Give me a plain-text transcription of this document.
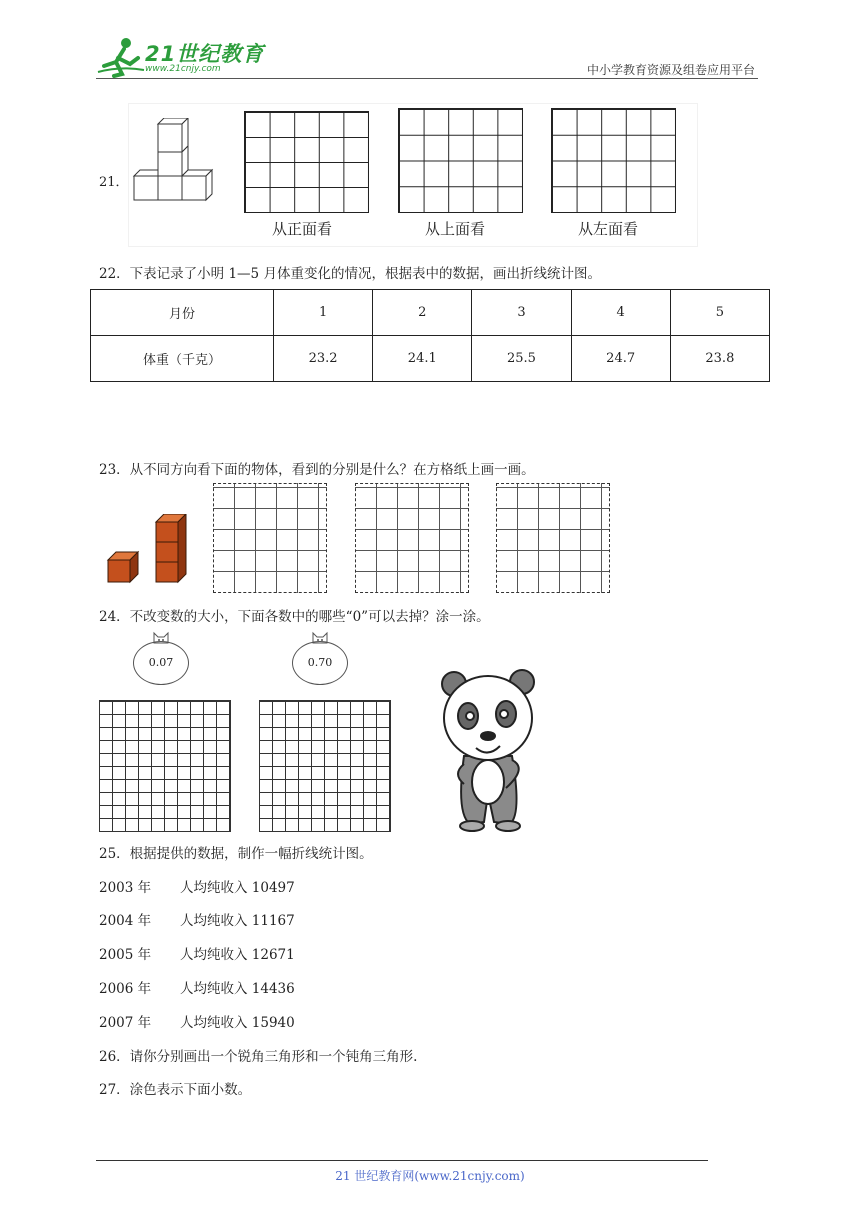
21世纪教育
www.21cnjy.com	中小学教育资源及组卷应用平台
21．
从正面看	从上面看	从左面看
22．下表记录了小明 1—5 月体重变化的情况，根据表中的数据，画出折线统计图。
月份	1	2	3	4	5
体重（千克）	23.2	24.1	25.5	24.7	23.8
23．从不同方向看下面的物体，看到的分别是什么？在方格纸上画一画。
24．不改变数的大小，下面各数中的哪些“0”可以去掉？涂一涂。
0.07	0.70
25．根据提供的数据，制作一幅折线统计图。
2003 年 人均纯收入 10497
2004 年 人均纯收入 11167
2005 年 人均纯收入 12671
2006 年 人均纯收入 14436
2007 年 人均纯收入 15940
26．请你分别画出一个锐角三角形和一个钝角三角形.
27．涂色表示下面小数。
21 世纪教育网(www.21cnjy.com)
